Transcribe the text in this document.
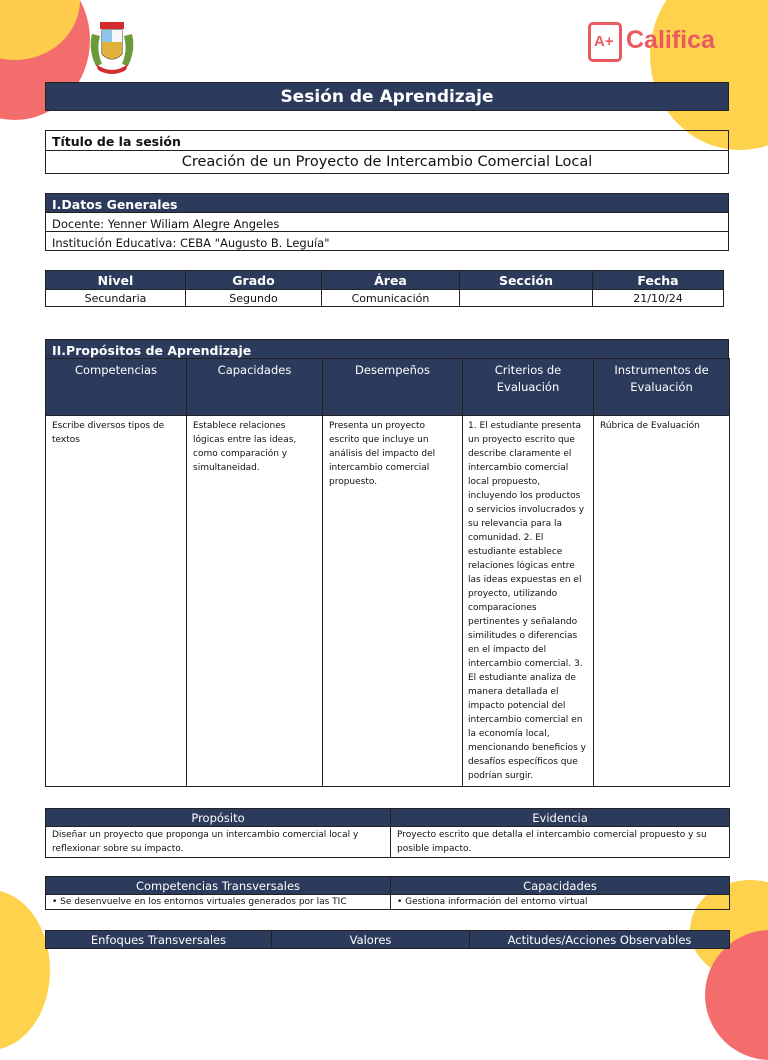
A+ Califica
Sesión de Aprendizaje
Título de la sesión
Creación de un Proyecto de Intercambio Comercial Local
I.Datos Generales
Docente: Yenner Wiliam Alegre Angeles
Institución Educativa: CEBA "Augusto B. Leguía"
Nivel	Grado	Área	Sección	Fecha
Secundaria	Segundo	Comunicación		21/10/24
II.Propósitos de Aprendizaje
Competencias	Capacidades	Desempeños	Criterios de Evaluación	Instrumentos de Evaluación
Escribe diversos tipos de textos	Establece relaciones lógicas entre las ideas, como comparación y simultaneidad.	Presenta un proyecto escrito que incluye un análisis del impacto del intercambio comercial propuesto.	1. El estudiante presenta un proyecto escrito que describe claramente el intercambio comercial local propuesto, incluyendo los productos o servicios involucrados y su relevancia para la comunidad. 2. El estudiante establece relaciones lógicas entre las ideas expuestas en el proyecto, utilizando comparaciones pertinentes y señalando similitudes o diferencias en el impacto del intercambio comercial. 3. El estudiante analiza de manera detallada el impacto potencial del intercambio comercial en la economía local, mencionando beneficios y desafíos específicos que podrían surgir.	Rúbrica de Evaluación
Propósito	Evidencia
Diseñar un proyecto que proponga un intercambio comercial local y reflexionar sobre su impacto.	Proyecto escrito que detalla el intercambio comercial propuesto y su posible impacto.
Competencias Transversales	Capacidades
• Se desenvuelve en los entornos virtuales generados por las TIC	• Gestiona información del entorno virtual
Enfoques Transversales	Valores	Actitudes/Acciones Observables
